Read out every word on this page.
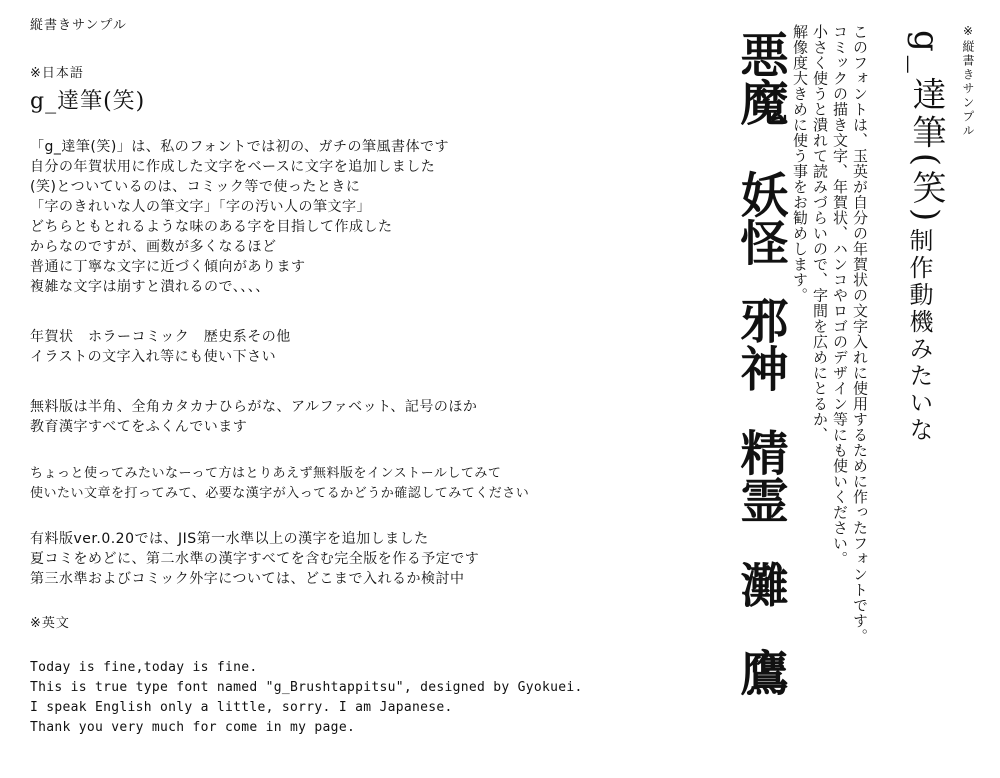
縦書きサンプル
※日本語
g_達筆(笑)
「g_達筆(笑)」は、私のフォントでは初の、ガチの筆風書体です
自分の年賀状用に作成した文字をベースに文字を追加しました
(笑)とついているのは、コミック等で使ったときに
「字のきれいな人の筆文字」「字の汚い人の筆文字」
どちらともとれるような味のある字を目指して作成した
からなのですが、画数が多くなるほど
普通に丁寧な文字に近づく傾向があります
複雑な文字は崩すと潰れるので、、、、
年賀状　ホラーコミック　歴史系その他
イラストの文字入れ等にも使い下さい
無料版は半角、全角カタカナひらがな、アルファベット、記号のほか
教育漢字すべてをふくんでいます
ちょっと使ってみたいなーって方はとりあえず無料版をインストールしてみて
使いたい文章を打ってみて、必要な漢字が入ってるかどうか確認してみてください
有料版ver.0.20では、JIS第一水準以上の漢字を追加しました
夏コミをめどに、第二水準の漢字すべてを含む完全版を作る予定です
第三水準およびコミック外字については、どこまで入れるか検討中
※英文
Today is fine,today is fine.
This is true type font named "g_Brushtappitsu", designed by Gyokuei.
I speak English only a little, sorry. I am Japanese.
Thank you very much for come in my page.
※縦書きサンプル
g_達筆(笑)
このフォントは、玉英が自分の年賀状の文字入れに使用するために作ったフォントです。
コミックの描き文字、年賀状、ハンコやロゴのデザイン等にも使いください。
小さく使うと潰れて読みづらいので、字間を広めにとるか、
解像度大きめに使う事をお勧めします。
制作動機みたいな
悪魔
妖怪
邪神
精霊
灘
鷹
